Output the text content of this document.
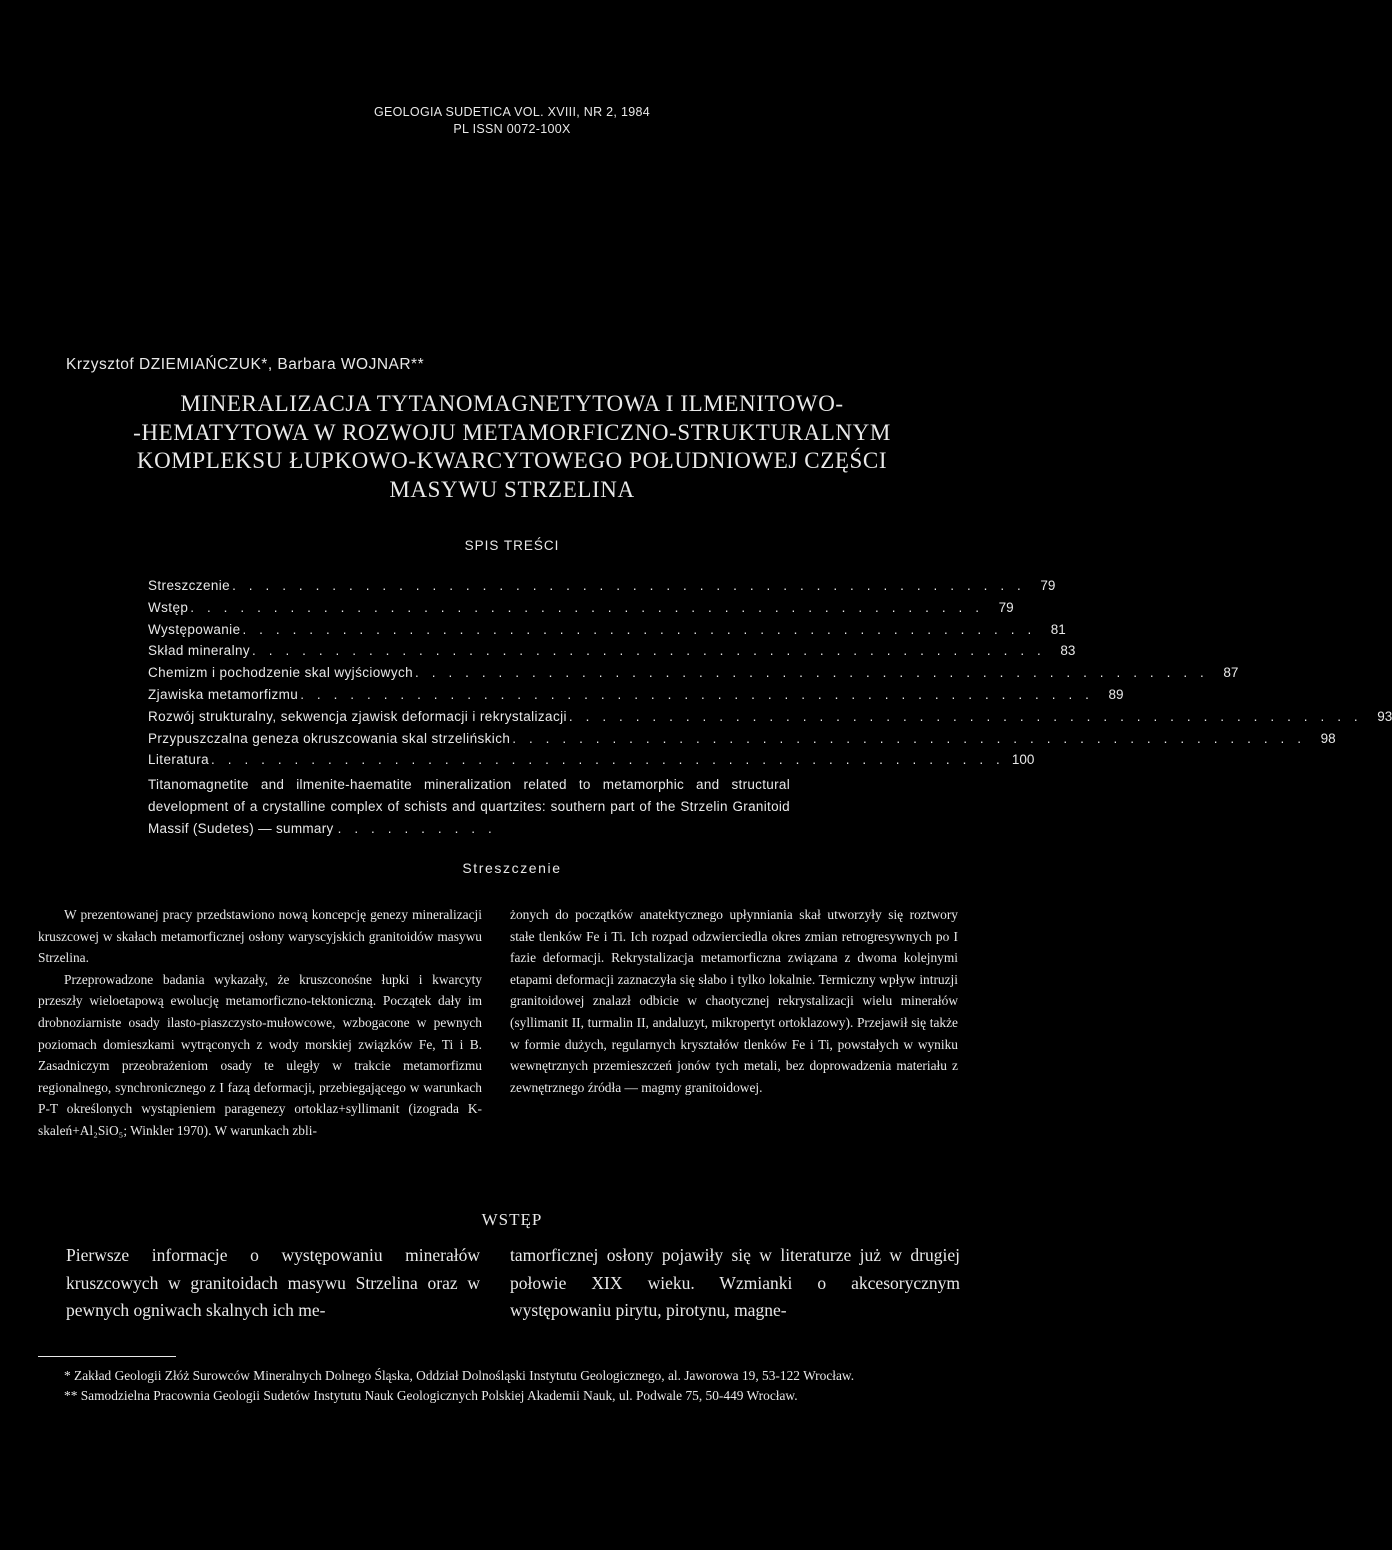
GEOLOGIA SUDETICA VOL. XVIII, NR 2, 1984
PL ISSN 0072-100X
Krzysztof DZIEMIAŃCZUK*, Barbara WOJNAR**
MINERALIZACJA TYTANOMAGNETYTOWA I ILMENITOWO-
-HEMATYTOWA W ROZWOJU METAMORFICZNO-STRUKTURALNYM
KOMPLEKSU ŁUPKOWO-KWARCYTOWEGO POŁUDNIOWEJ CZĘŚCI
MASYWU STRZELINA
SPIS TREŚCI
Streszczenie . . . . . . . . . . . . . . . . . . . . . . . . . . . . . . . . . . . . . . . . . . . . . . . .	79
Wstęp . . . . . . . . . . . . . . . . . . . . . . . . . . . . . . . . . . . . . . . . . . . . . . . .	79
Występowanie . . . . . . . . . . . . . . . . . . . . . . . . . . . . . . . . . . . . . . . . . . . . . . . .	81
Skład mineralny . . . . . . . . . . . . . . . . . . . . . . . . . . . . . . . . . . . . . . . . . . . . . . . .	83
Chemizm i pochodzenie skal wyjściowych . . . . . . . . . . . . . . . . . . . . . . . . . . . . . . . . . . . . . . . . . . . . . . . .	87
Zjawiska metamorfizmu . . . . . . . . . . . . . . . . . . . . . . . . . . . . . . . . . . . . . . . . . . . . . . . .	89
Rozwój strukturalny, sekwencja zjawisk deformacji i rekrystalizacji . . . . . . . . . . . . . . . . . . . . . . . . . . . . . . . . . . . . . . . . . . . . . . . .	93
Przypuszczalna geneza okruszcowania skal strzelińskich . . . . . . . . . . . . . . . . . . . . . . . . . . . . . . . . . . . . . . . . . . . . . . . .	98
Literatura . . . . . . . . . . . . . . . . . . . . . . . . . . . . . . . . . . . . . . . . . . . . . . . . 100
Titanomagnetite and ilmenite-haematite mineralization related to metamorphic and structural development of a crystalline complex of schists and quartzites: southern part of the Strzelin Granitoid Massif (Sudetes) — summary . . . . . . . . . .
Streszczenie

W prezentowanej pracy przedstawiono nową koncepcję genezy mineralizacji kruszcowej w skałach metamorficznej osłony waryscyjskich granitoidów masywu Strzelina.

Przeprowadzone badania wykazały, że kruszconośne łupki i kwarcyty przeszły wieloetapową ewolucję metamorficzno-tektoniczną. Początek dały im drobnoziarniste osady ilasto-piaszczysto-mułowcowe, wzbogacone w pewnych poziomach domieszkami wytrąconych z wody morskiej związków Fe, Ti i B. Zasadniczym przeobrażeniom osady te uległy w trakcie metamorfizmu regionalnego, synchronicznego z I fazą deformacji, przebiegającego w warunkach P-T określonych wystąpieniem paragenezy ortoklaz+syllimanit (izograda K-skaleń+Al₂SiO₅; Winkler 1970). W warunkach zbli-

żonych do początków anatektycznego upłynniania skał utworzyły się roztwory stałe tlenków Fe i Ti. Ich rozpad odzwierciedla okres zmian retrogresywnych po I fazie deformacji. Rekrystalizacja metamorficzna związana z dwoma kolejnymi etapami deformacji zaznaczyła się słabo i tylko lokalnie. Termiczny wpływ intruzji granitoidowej znalazł odbicie w chaotycznej rekrystalizacji wielu minerałów (syllimanit II, turmalin II, andaluzyt, mikropertyt ortoklazowy). Przejawił się także w formie dużych, regularnych kryształów tlenków Fe i Ti, powstałych w wyniku wewnętrznych przemieszczeń jonów tych metali, bez doprowadzenia materiału z zewnętrznego źródła — magmy granitoidowej.

WSTĘP

Pierwsze informacje o występowaniu minerałów kruszcowych w granitoidach masywu Strzelina oraz w pewnych ogniwach skalnych ich me-

tamorficznej osłony pojawiły się w literaturze już w drugiej połowie XIX wieku. Wzmianki o akcesorycznym występowaniu pirytu, pirotynu, magne-

* Zakład Geologii Złóż Surowców Mineralnych Dolnego Śląska, Oddział Dolnośląski Instytutu Geologicznego, al. Jaworowa 19, 53-122 Wrocław.

** Samodzielna Pracownia Geologii Sudetów Instytutu Nauk Geologicznych Polskiej Akademii Nauk, ul. Podwale 75, 50-449 Wrocław.
